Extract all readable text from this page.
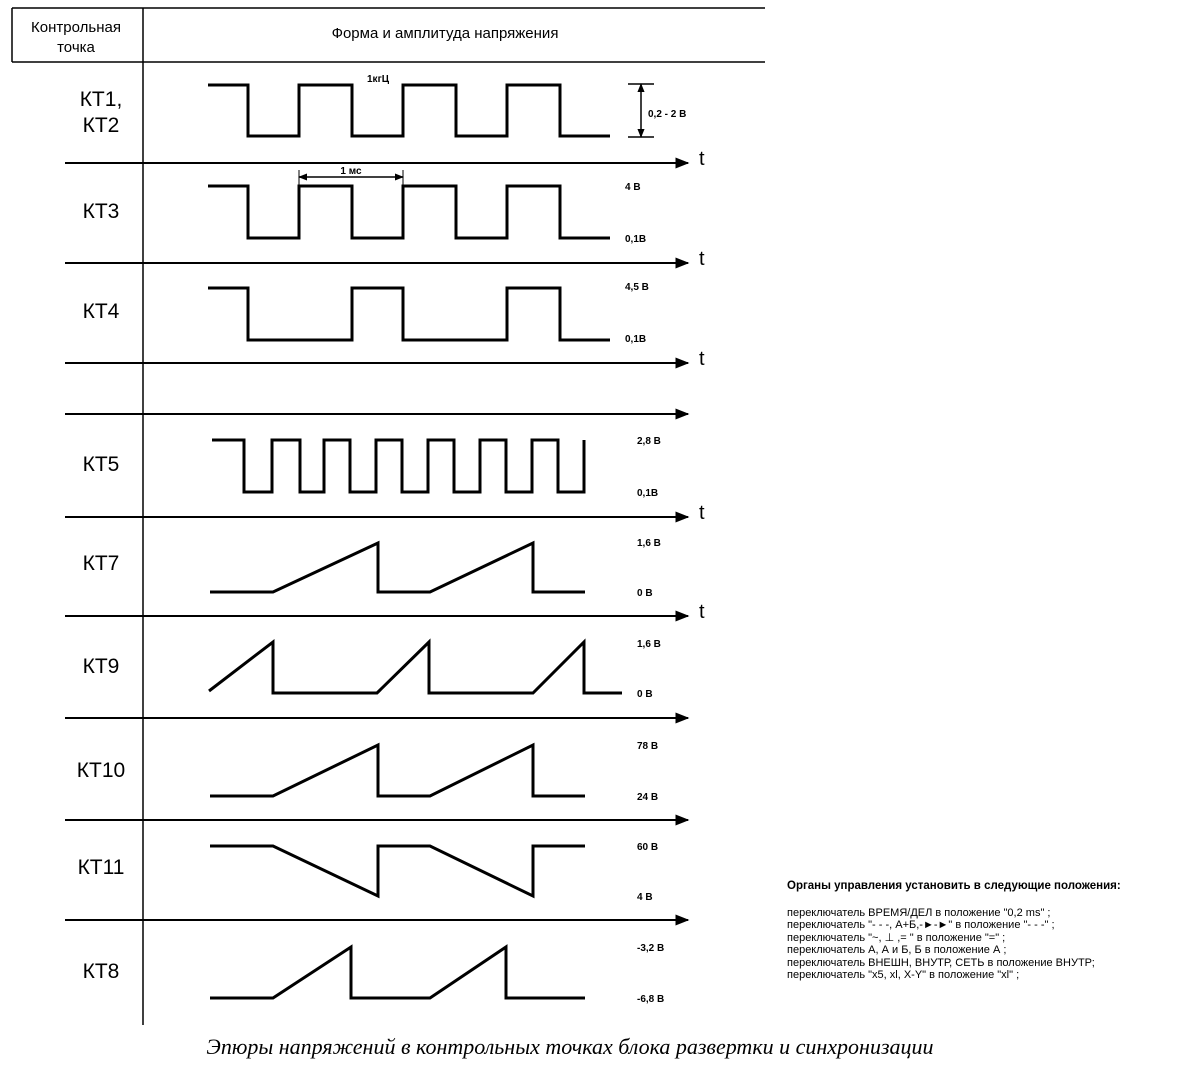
Контрольная
точка
Форма и амплитуда напряжения
t
t
t
t
t
КТ1,
КТ2
КТ3
КТ4
КТ5
КТ7
КТ9
КТ10
КТ11
КТ8
1кгЦ
0,2 - 2 В
1 мс
4 В
0,1В
4,5 В
0,1В
2,8 В
0,1В
1,6 В
0 В
1,6 В
0 В
78 В
24 В
60 В
4 В
-3,2 В
-6,8 В
Органы управления установить в следующие положения:
переключатель ВРЕМЯ/ДЕЛ в положение "0,2 ms" ;
переключатель "- - -, А+Б,-►-►" в положение "- - -" ;
переключатель "~, ⊥ ,= " в положение "=" ;
переключатель А, А и Б, Б в положение А ;
переключатель ВНЕШН, ВНУТР, СЕТЬ в положение ВНУТР;
переключатель "х5, хl, Х-Y" в положение "хl" ;
Эпюры напряжений в контрольных точках блока развертки и синхронизации
